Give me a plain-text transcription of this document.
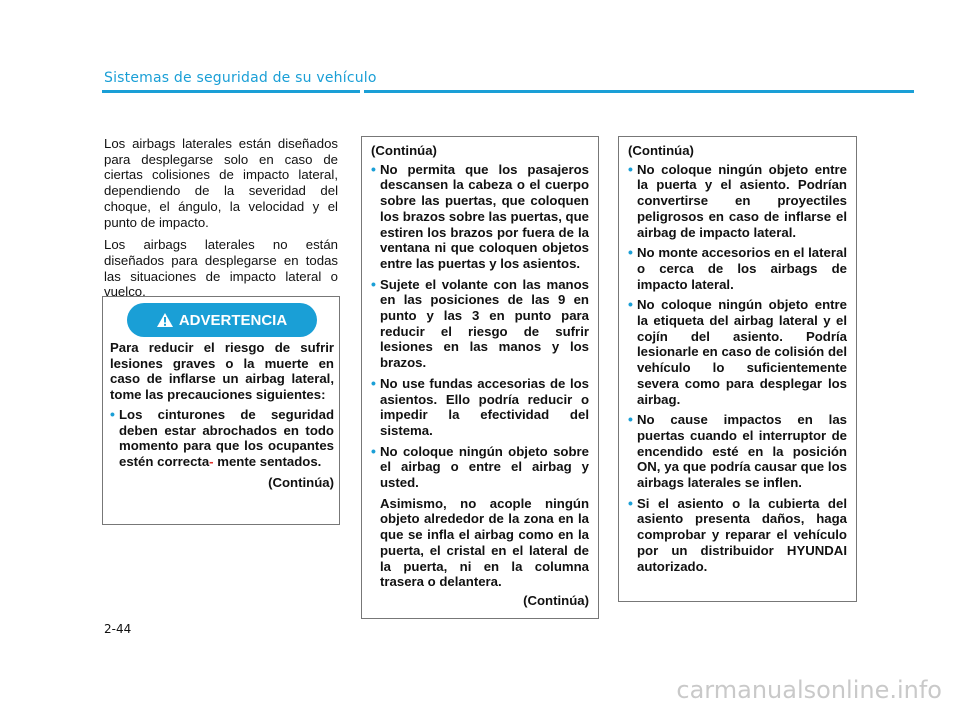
Sistemas de seguridad de su vehículo

Los airbags laterales están diseñados para desplegarse solo en caso de ciertas colisiones de impacto lateral, dependiendo de la severidad del choque, el ángulo, la velocidad y el punto de impacto.

Los airbags laterales no están diseñados para desplegarse en todas las situaciones de impacto lateral o vuelco.

ADVERTENCIA

Para reducir el riesgo de sufrir lesiones graves o la muerte en caso de inflarse un airbag lateral, tome las precauciones siguientes:

• Los cinturones de seguridad deben estar abrochados en todo momento para que los ocupantes estén correcta- mente sentados.

(Continúa)

(Continúa)

• No permita que los pasajeros descansen la cabeza o el cuerpo sobre las puertas, que coloquen los brazos sobre las puertas, que estiren los brazos por fuera de la ventana ni que coloquen objetos entre las puertas y los asientos.
• Sujete el volante con las manos en las posiciones de las 9 en punto y las 3 en punto para reducir el riesgo de sufrir lesiones en las manos y los brazos.
• No use fundas accesorias de los asientos. Ello podría reducir o impedir la efectividad del sistema.
• No coloque ningún objeto sobre el airbag o entre el airbag y usted.

Asimismo, no acople ningún objeto alrededor de la zona en la que se infla el airbag como en la puerta, el cristal en el lateral de la puerta, ni en la columna trasera o delantera.

(Continúa)

(Continúa)

• No coloque ningún objeto entre la puerta y el asiento. Podrían convertirse en proyectiles peligrosos en caso de inflarse el airbag de impacto lateral.
• No monte accesorios en el lateral o cerca de los airbags de impacto lateral.
• No coloque ningún objeto entre la etiqueta del airbag lateral y el cojín del asiento. Podría lesionarle en caso de colisión del vehículo lo suficientemente severa como para desplegar los airbag.
• No cause impactos en las puertas cuando el interruptor de encendido esté en la posición ON, ya que podría causar que los airbags laterales se inflen.
• Si el asiento o la cubierta del asiento presenta daños, haga comprobar y reparar el vehículo por un distribuidor HYUNDAI autorizado.
2-44
carmanualsonline.info
